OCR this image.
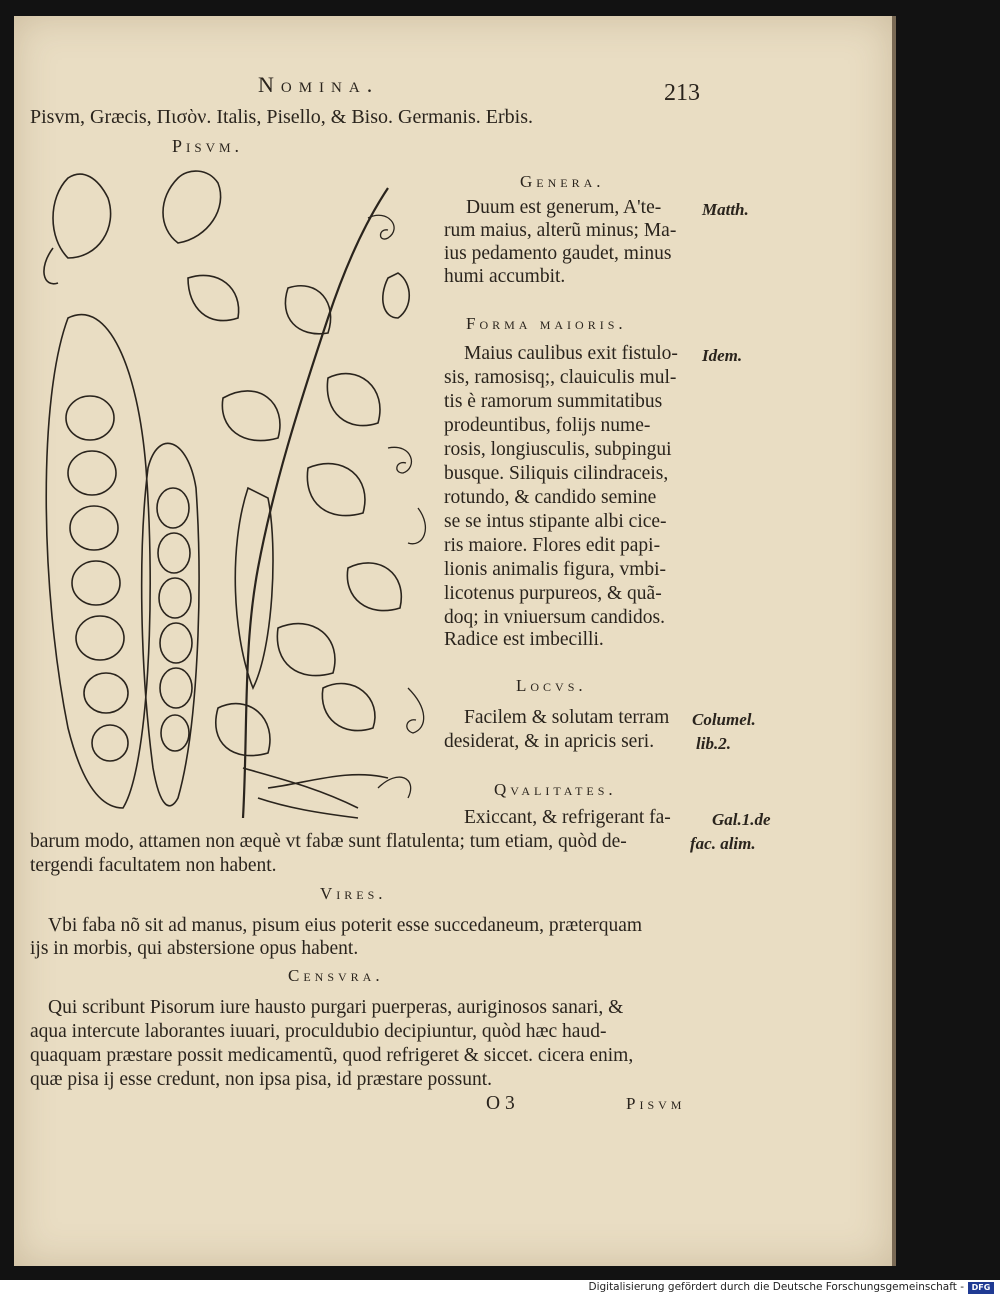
Nomina.	213
Pisvm, Græcis, Πισὸν. Italis, Pisello, & Biso. Germanis. Erbis.
Pisvm.
Genera.
Duum est generum, A'te-
rum maius, alterũ minus; Ma-
ius pedamento gaudet, minus
humi accumbit.
Matth.
Forma maioris.
Maius caulibus exit fistulo-
sis, ramosisq;, clauiculis mul-
tis è ramorum summitatibus
prodeuntibus, folijs nume-
rosis, longiusculis, subpingui
busque. Siliquis cilindraceis,
rotundo, & candido semine
se se intus stipante albi cice-
ris maiore. Flores edit papi-
lionis animalis figura, vmbi-
licotenus purpureos, & quã-
doq; in vniuersum candidos.
Radice est imbecilli.
Idem.
Locvs.
Facilem & solutam terram
desiderat, & in apricis seri.
Columel.
lib.2.
Qvalitates.
Exiccant, & refrigerant fa-
barum modo, attamen non æquè vt fabæ sunt flatulenta; tum etiam, quòd de-
tergendi facultatem non habent.
Gal.1.de
fac. alim.
Vires.
Vbi faba nõ sit ad manus, pisum eius poterit esse succedaneum, præterquam
ijs in morbis, qui abstersione opus habent.
Censvra.
Qui scribunt Pisorum iure hausto purgari puerperas, auriginosos sanari, &
aqua intercute laborantes iuuari, proculdubio decipiuntur, quòd hæc haud-
quaquam præstare possit medicamentũ, quod refrigeret & siccet. cicera enim,
quæ pisa ij esse credunt, non ipsa pisa, id præstare possunt.
O 3	Pisvm
Digitalisierung gefördert durch die Deutsche Forschungsgemeinschaft - DFG
